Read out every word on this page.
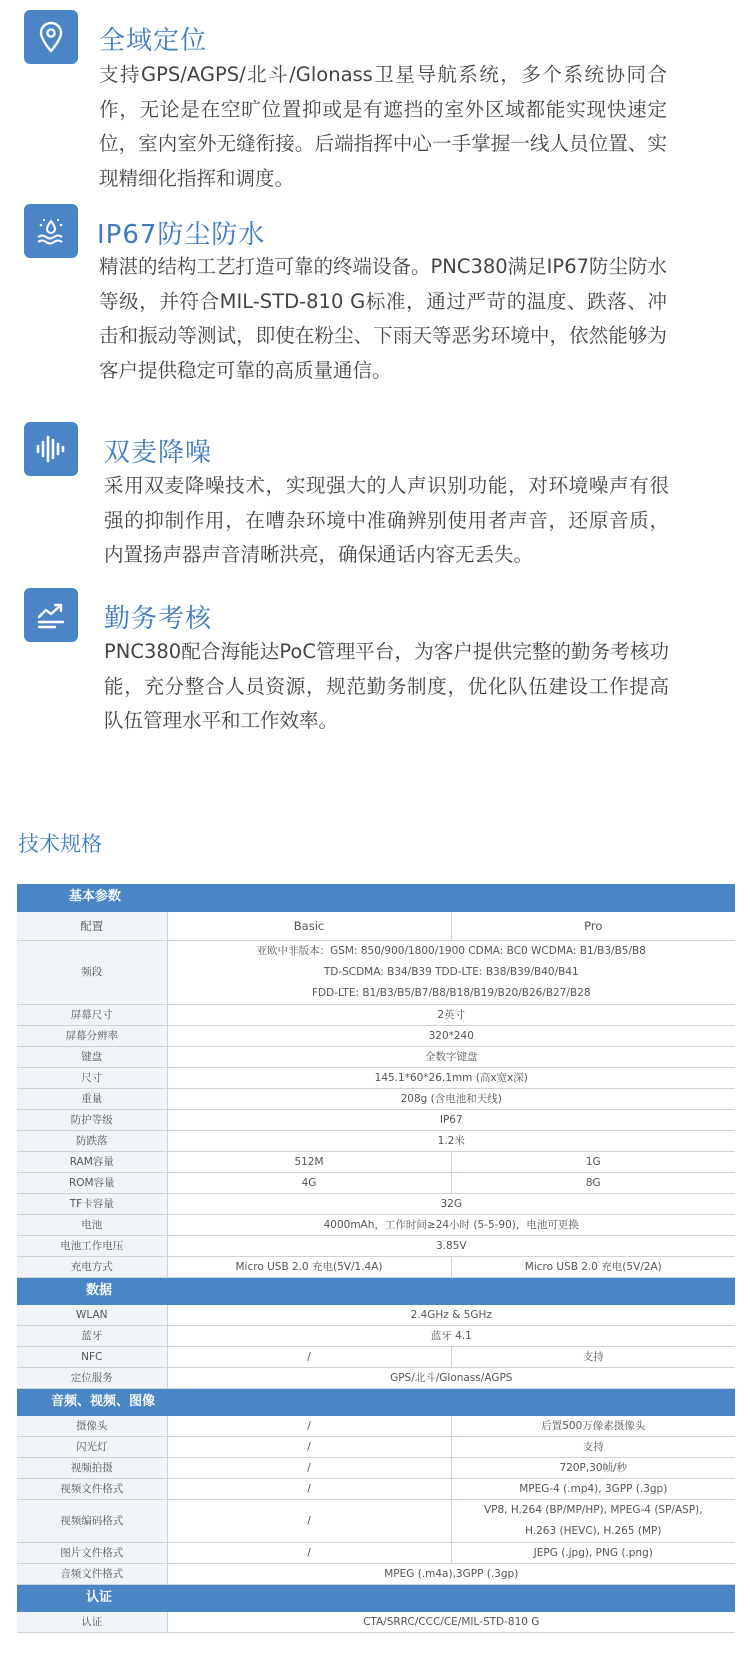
全域定位
支持GPS/AGPS/北斗/Glonass卫星导航系统，多个系统协同合作，无论是在空旷位置抑或是有遮挡的室外区域都能实现快速定位，室内室外无缝衔接。后端指挥中心一手掌握一线人员位置、实现精细化指挥和调度。
IP67防尘防水
精湛的结构工艺打造可靠的终端设备。PNC380满足IP67防尘防水等级，并符合MIL-STD-810 G标准，通过严苛的温度、跌落、冲击和振动等测试，即使在粉尘、下雨天等恶劣环境中，依然能够为客户提供稳定可靠的高质量通信。
双麦降噪
采用双麦降噪技术，实现强大的人声识别功能，对环境噪声有很强的抑制作用，在嘈杂环境中准确辨别使用者声音，还原音质，内置扬声器声音清晰洪亮，确保通话内容无丢失。
勤务考核
PNC380配合海能达PoC管理平台，为客户提供完整的勤务考核功能，充分整合人员资源，规范勤务制度，优化队伍建设工作提高队伍管理水平和工作效率。
技术规格
基本参数		
配置	Basic	Pro
频段	亚欧中非版本：GSM: 850/900/1800/1900 CDMA: BC0 WCDMA: B1/B3/B5/B8
TD-SCDMA: B34/B39 TDD-LTE: B38/B39/B40/B41
FDD-LTE: B1/B3/B5/B7/B8/B18/B19/B20/B26/B27/B28	

屏幕尺寸	2英寸	
屏幕分辨率	320*240	
键盘	全数字键盘	
尺寸	145.1*60*26.1mm (高x宽x深)	
重量	208g (含电池和天线)	
防护等级	IP67	
防跌落	1.2米	
RAM容量	512M	1G
ROM容量	4G	8G
TF卡容量	32G	
电池	4000mAh，工作时间≥24小时 (5-5-90)，电池可更换	
电池工作电压	3.85V	
充电方式	Micro USB 2.0 充电(5V/1.4A)	Micro USB 2.0 充电(5V/2A)
数据		
WLAN	2.4GHz & 5GHz	
蓝牙	蓝牙 4.1	
NFC	/	支持
定位服务	GPS/北斗/Glonass/AGPS	
音频、视频、图像		
摄像头	/	后置500万像素摄像头
闪光灯	/	支持
视频拍摄	/	720P,30帧/秒
视频文件格式	/	MPEG-4 (.mp4), 3GPP (.3gp)
视频编码格式	/	VP8, H.264 (BP/MP/HP), MPEG-4 (SP/ASP),
H.263 (HEVC), H.265 (MP)

图片文件格式	/	JEPG (.jpg), PNG (.png)
音频文件格式	MPEG (.m4a),3GPP (.3gp)	
认证		
认证	CTA/SRRC/CCC/CE/MIL-STD-810 G	
